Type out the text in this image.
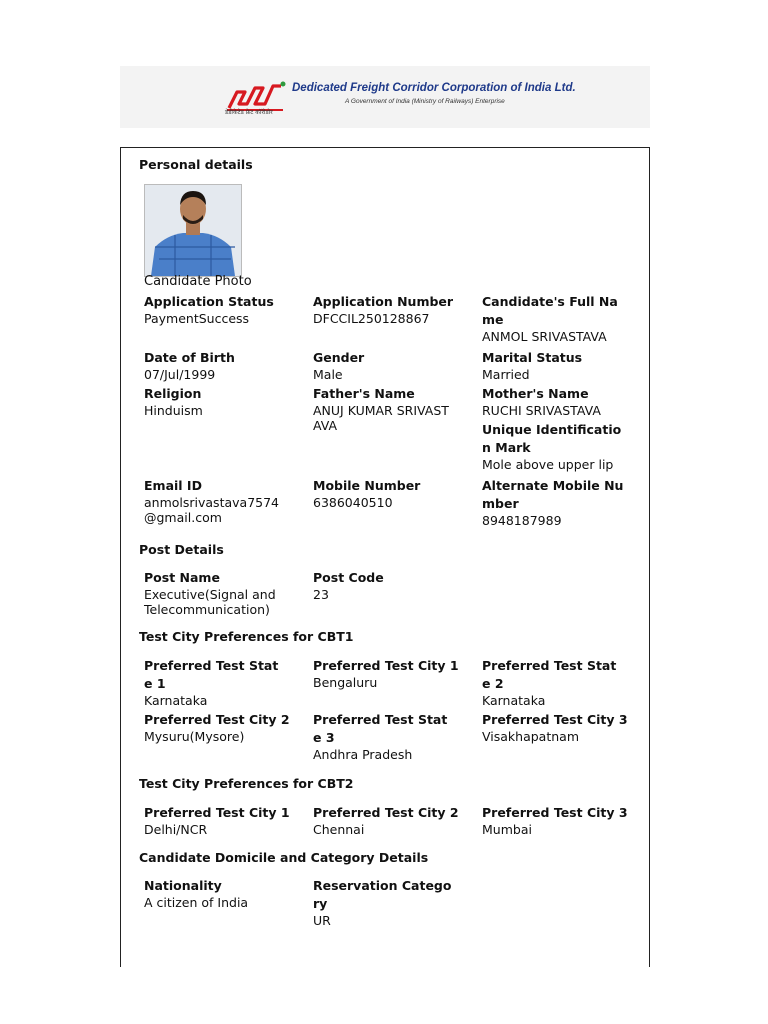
Dedicated Freight Corridor Corporation of India Ltd.
A Government of India (Ministry of Railways) Enterprise
डेडीकेटेड फ्रेट कॉरीडोर
Personal details
Candidate Photo
Application Status
PaymentSuccess
Application Number
DFCCIL250128867
Candidate's Full Name
ANMOL SRIVASTAVA
Date of Birth
07/Jul/1999
Gender
Male
Marital Status
Married
Religion
Hinduism
Father's Name
ANUJ KUMAR SRIVASTAVA
Mother's Name
RUCHI SRIVASTAVA
Unique Identification Mark
Mole above upper lip
Email ID
anmolsrivastava7574@gmail.com
Mobile Number
6386040510
Alternate Mobile Number
8948187989
Post Details
Post Name
Executive(Signal and Telecommunication)
Post Code
23
Test City Preferences for CBT1
Preferred Test State 1
Karnataka
Preferred Test City 1
Bengaluru
Preferred Test State 2
Karnataka
Preferred Test City 2
Mysuru(Mysore)
Preferred Test State 3
Andhra Pradesh
Preferred Test City 3
Visakhapatnam
Test City Preferences for CBT2
Preferred Test City 1
Delhi/NCR
Preferred Test City 2
Chennai
Preferred Test City 3
Mumbai
Candidate Domicile and Category Details
Nationality
A citizen of India
Reservation Category
UR
